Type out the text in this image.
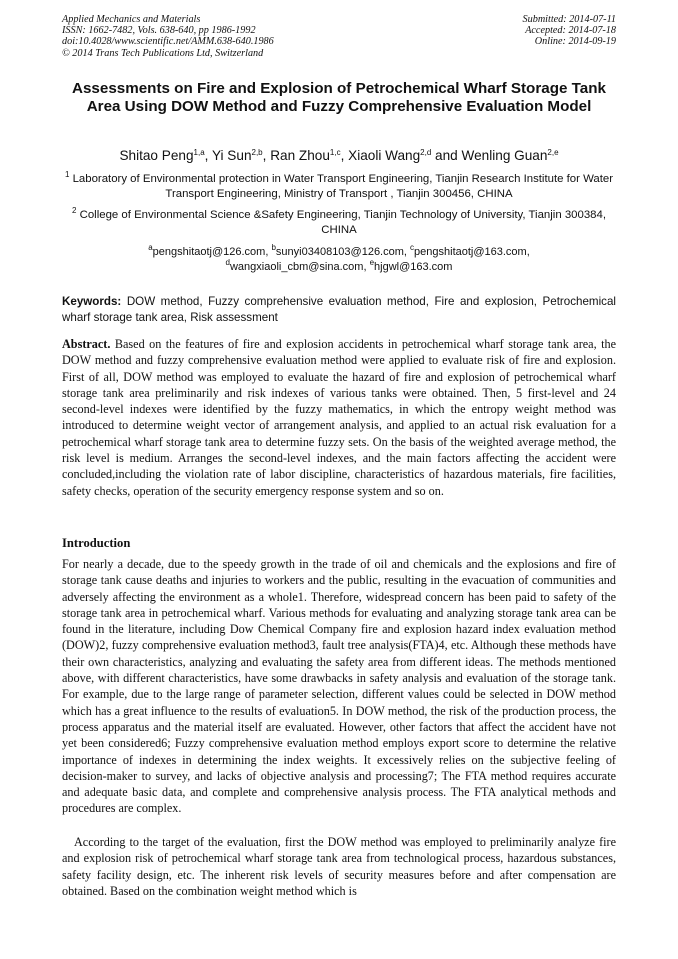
Applied Mechanics and Materials
ISSN: 1662-7482, Vols. 638-640, pp 1986-1992
doi:10.4028/www.scientific.net/AMM.638-640.1986
© 2014 Trans Tech Publications Ltd, Switzerland
Submitted: 2014-07-11
Accepted: 2014-07-18
Online: 2014-09-19
Assessments on Fire and Explosion of Petrochemical Wharf Storage Tank Area Using DOW Method and Fuzzy Comprehensive Evaluation Model
Shitao Peng$^{1,a}$, Yi Sun$^{2,b}$, Ran Zhou$^{1,c}$, Xiaoli Wang$^{2,d}$ and Wenling Guan$^{2,e}$
$^1$ Laboratory of Environmental protection in Water Transport Engineering, Tianjin Research Institute for Water Transport Engineering, Ministry of Transport , Tianjin 300456, CHINA
$^2$ College of Environmental Science &Safety Engineering, Tianjin Technology of University, Tianjin 300384, CHINA
$^a$pengshitaotj@126.com, $^b$sunyi03408103@126.com, $^c$pengshitaotj@163.com,
$^d$wangxiaoli_cbm@sina.com, $^e$hjgwl@163.com
Keywords: DOW method, Fuzzy comprehensive evaluation method, Fire and explosion, Petrochemical wharf storage tank area, Risk assessment
Abstract. Based on the features of fire and explosion accidents in petrochemical wharf storage tank area, the DOW method and fuzzy comprehensive evaluation method were applied to evaluate risk of fire and explosion. First of all, DOW method was employed to evaluate the hazard of fire and explosion of petrochemical wharf storage tank area preliminarily and risk indexes of various tanks were obtained. Then, 5 first-level and 24 second-level indexes were identified by the fuzzy mathematics, in which the entropy weight method was introduced to determine weight vector of arrangement analysis, and applied to an actual risk evaluation for a petrochemical wharf storage tank area to determine fuzzy sets. On the basis of the weighted average method, the risk level is medium. Arranges the second-level indexes, and the main factors affecting the accident were concluded,including the violation rate of labor discipline, characteristics of hazardous materials, fire facilities, safety checks, operation of the security emergency response system and so on.
Introduction

For nearly a decade, due to the speedy growth in the trade of oil and chemicals and the explosions and fire of storage tank cause deaths and injuries to workers and the public, resulting in the evacuation of communities and adversely affecting the environment as a whole1. Therefore, widespread concern has been paid to safety of the storage tank area in petrochemical wharf. Various methods for evaluating and analyzing storage tank area can be found in the literature, including Dow Chemical Company fire and explosion hazard index evaluation method (DOW)2, fuzzy comprehensive evaluation method3, fault tree analysis(FTA)4, etc. Although these methods have their own characteristics, analyzing and evaluating the safety area from different ideas. The methods mentioned above, with different characteristics, have some drawbacks in safety analysis and evaluation of the storage tank. For example, due to the large range of parameter selection, different values could be selected in DOW method which has a great influence to the results of evaluation5. In DOW method, the risk of the production process, the process apparatus and the material itself are evaluated. However, other factors that affect the accident have not yet been considered6; Fuzzy comprehensive evaluation method employs export score to determine the relative importance of indexes in determining the index weights. It excessively relies on the subjective feeling of decision-maker to survey, and lacks of objective analysis and processing7; The FTA method requires accurate and adequate basic data, and complete and comprehensive analysis process. The FTA analytical methods and procedures are complex.

According to the target of the evaluation, first the DOW method was employed to preliminarily analyze fire and explosion risk of petrochemical wharf storage tank area from technological process, hazardous substances, safety facility design, etc. The inherent risk levels of security measures before and after compensation are obtained. Based on the combination weight method which is
